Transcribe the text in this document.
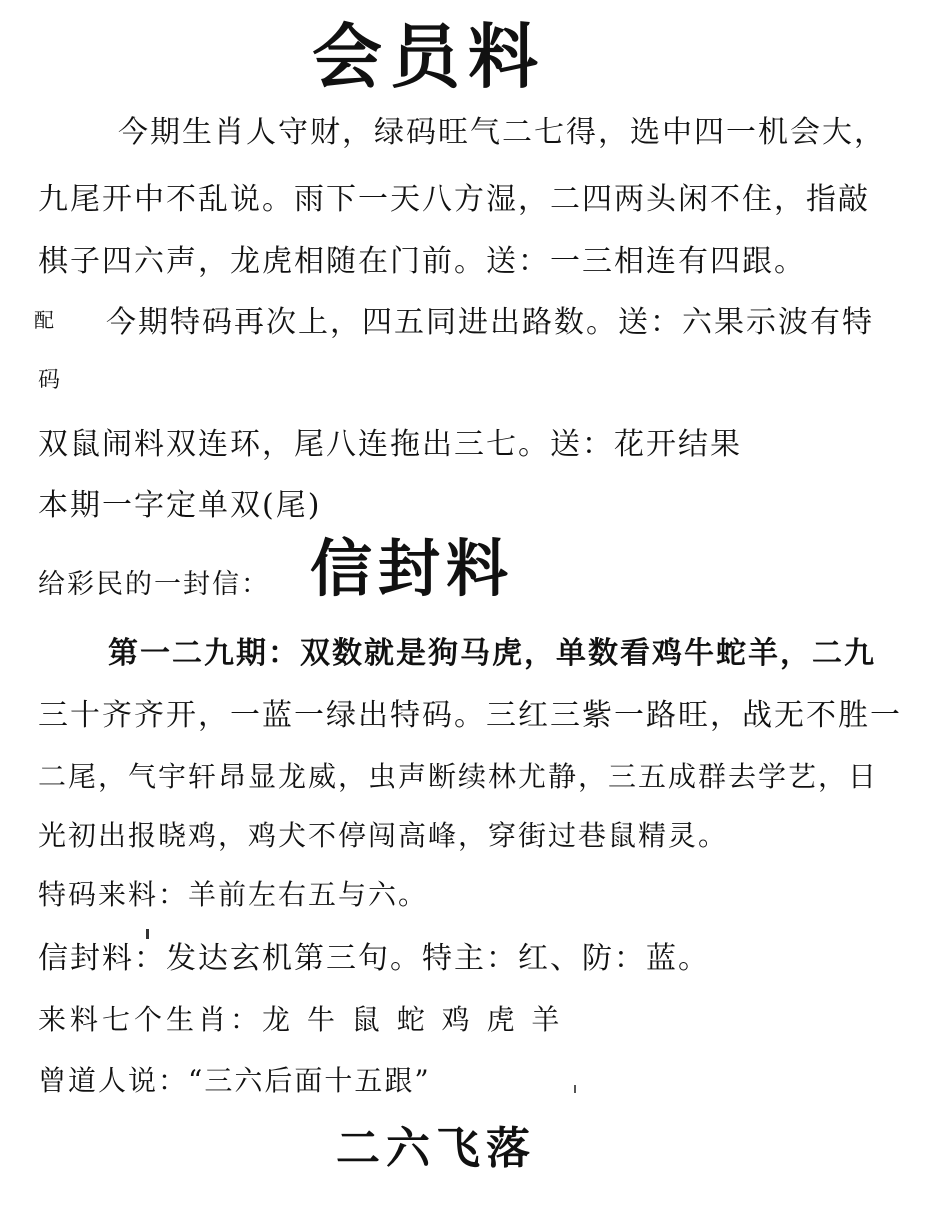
会员料
今期生肖人守财，绿码旺气二七得，选中四一机会大，
九尾开中不乱说。雨下一天八方湿，二四两头闲不住，指敲
棋子四六声，龙虎相随在门前。送：一三相连有四跟。
配 今期特码再次上，四五同进出路数。送：六果示波有特
码
双鼠闹料双连环，尾八连拖出三七。送：花开结果
本期一字定单双(尾)
给彩民的一封信： 信封料
第一二九期：双数就是狗马虎，单数看鸡牛蛇羊，二九
三十齐齐开，一蓝一绿出特码。三红三紫一路旺，战无不胜一
二尾，气宇轩昂显龙威，虫声断续林尤静，三五成群去学艺，日
光初出报晓鸡，鸡犬不停闯高峰，穿街过巷鼠精灵。
特码来料：羊前左右五与六。
信封料：发达玄机第三句。特主：红、防：蓝。
来料七个生肖：龙 牛 鼠 蛇 鸡 虎 羊
曾道人说：“三六后面十五跟”
二六飞落
